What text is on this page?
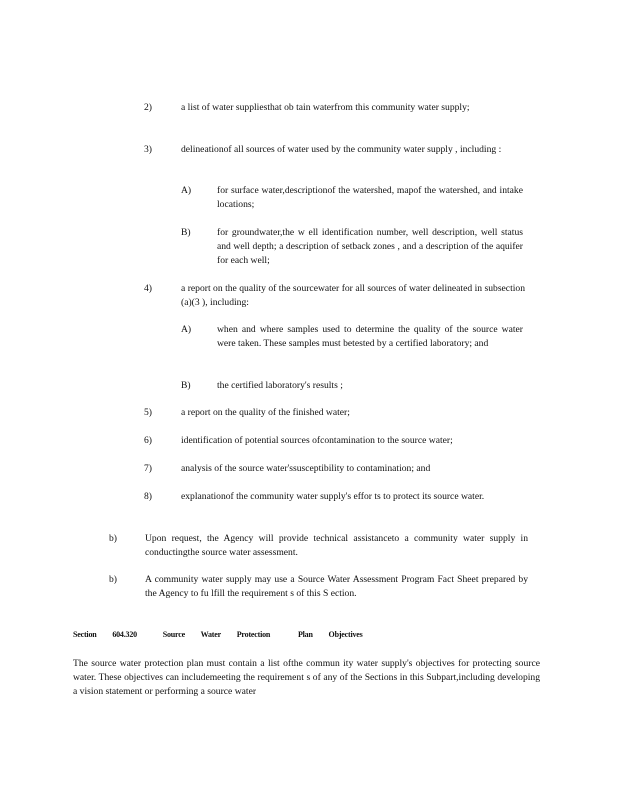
2)	a list of water suppliesthat ob tain waterfrom this community water supply;
3)	delineationof all sources of water used by the community water supply , including :
A)	for surface water,descriptionof the watershed, mapof the watershed, and intake locations;
B)	for groundwater,the w ell identification number, well description, well status and well depth; a description of setback zones , and a description of the aquifer for each well;
4)	a report on the quality of the sourcewater for all sources of water delineated in subsection (a)(3 ), including:
A)	when and where samples used to determine the quality of the source water were taken. These samples must betested by a certified laboratory; and
B)	the certified laboratory's results ;
5)	a report on the quality of the finished water;
6)	identification of potential sources ofcontamination to the source water;
7)	analysis of the source water'ssusceptibility to contamination; and
8)	explanationof the community water supply's effor ts to protect its source water.
b)	Upon request, the Agency will provide technical assistanceto a community water supply in conductingthe source water assessment.
b)	A community water supply may use a Source Water Assessment Program Fact Sheet prepared by the Agency to fu lfill the requirement s of this S ection.
Section 604.320	Source Water Protection	Plan Objectives
The source water protection plan must contain a list ofthe commun ity water supply's objectives for protecting source water. These objectives can includemeeting the requirement s of any of the Sections in this Subpart,including developing a vision statement or performing a source water
